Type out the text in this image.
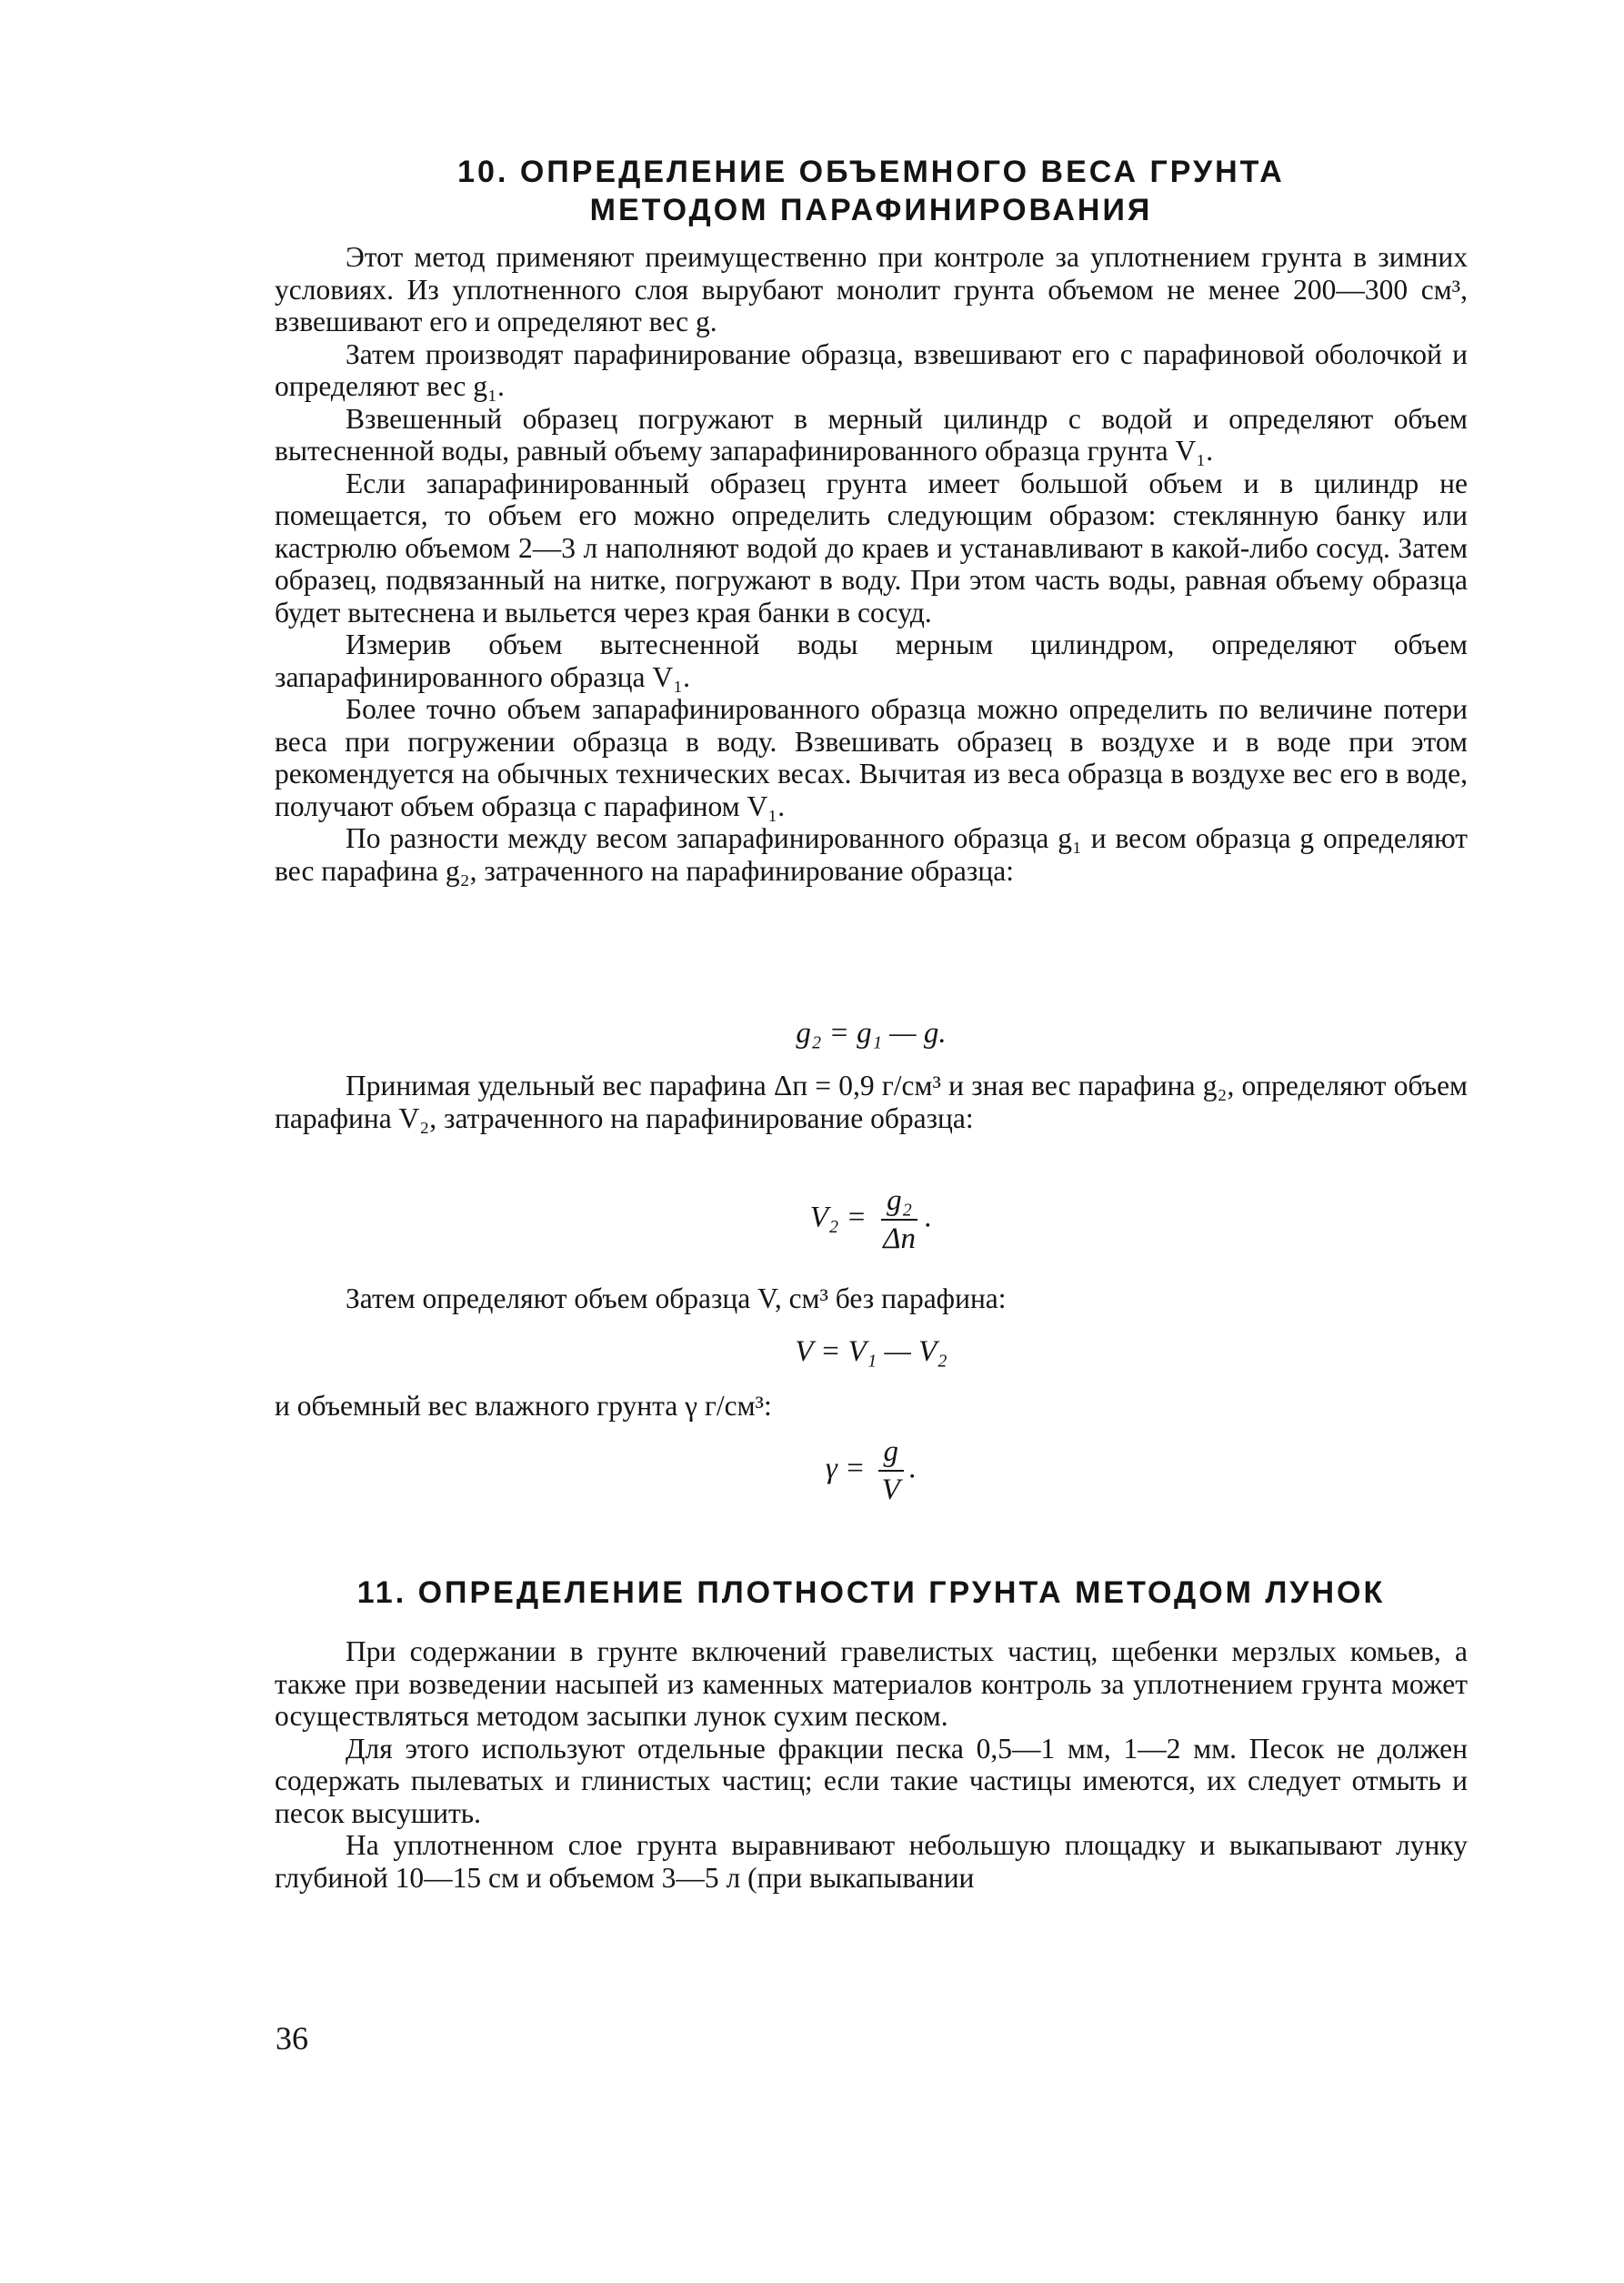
10. ОПРЕДЕЛЕНИЕ ОБЪЕМНОГО ВЕСА ГРУНТА

МЕТОДОМ ПАРАФИНИРОВАНИЯ

Этот метод применяют преимущественно при контроле за уплотнением грунта в зимних условиях. Из уплотненного слоя вырубают монолит грунта объемом не менее 200—300 см³, взвешивают его и определяют вес g.

Затем производят парафинирование образца, взвешивают его с парафиновой оболочкой и определяют вес g₁.

Взвешенный образец погружают в мерный цилиндр с водой и определяют объем вытесненной воды, равный объему запарафинированного образца грунта V₁.

Если запарафинированный образец грунта имеет большой объем и в цилиндр не помещается, то объем его можно определить следующим образом: стеклянную банку или кастрюлю объемом 2—3 л наполняют водой до краев и устанавливают в какой-либо сосуд. Затем образец, подвязанный на нитке, погружают в воду. При этом часть воды, равная объему образца будет вытеснена и выльется через края банки в сосуд.

Измерив объем вытесненной воды мерным цилиндром, определяют объем запарафинированного образца V₁.

Более точно объем запарафинированного образца можно определить по величине потери веса при погружении образца в воду. Взвешивать образец в воздухе и в воде при этом рекомендуется на обычных технических весах. Вычитая из веса образца в воздухе вес его в воде, получают объем образца с парафином V₁.

По разности между весом запарафинированного образца g₁ и весом образца g определяют вес парафина g₂, затраченного на парафинирование образца:

g₂ = g₁ — g.

Принимая удельный вес парафина Δп = 0,9 г/см³ и зная вес парафина g₂, определяют объем парафина V₂, затраченного на парафинирование образца:

$V_2 = \frac{\text{g₂}}{\Delta п}$ .

Затем определяют объем образца V, см³ без парафина:

V = V₁ — V₂

и объемный вес влажного грунта γ г/см³:

$\gamma = \frac{g}{V}$ .

11. ОПРЕДЕЛЕНИЕ ПЛОТНОСТИ ГРУНТА МЕТОДОМ ЛУНОК

При содержании в грунте включений гравелистых частиц, щебенки мерзлых комьев, а также при возведении насыпей из каменных материалов контроль за уплотнением грунта может осуществляться методом засыпки лунок сухим песком.

Для этого используют отдельные фракции песка 0,5—1 мм, 1—2 мм. Песок не должен содержать пылеватых и глинистых частиц; если такие частицы имеются, их следует отмыть и песок высушить.

На уплотненном слое грунта выравнивают небольшую площадку и выкапывают лунку глубиной 10—15 см и объемом 3—5 л (при выкапывании

36
